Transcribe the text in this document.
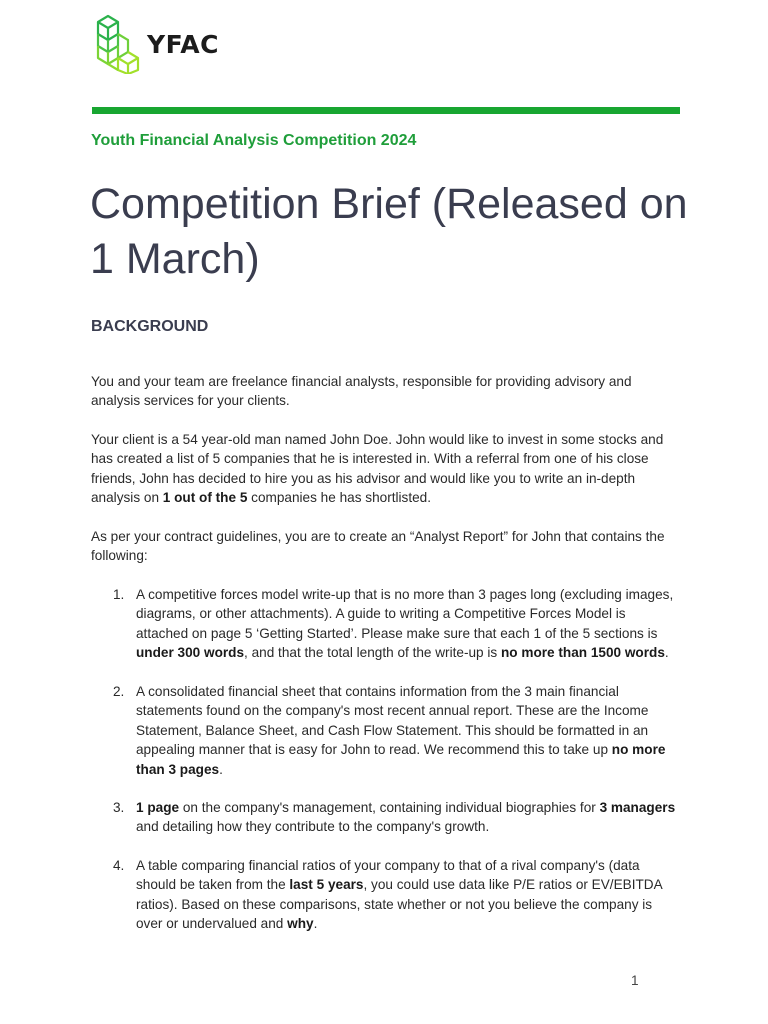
YFAC
Youth Financial Analysis Competition 2024
Competition Brief (Released on 1 March)
BACKGROUND

You and your team are freelance financial analysts, responsible for providing advisory and analysis services for your clients.

Your client is a 54 year-old man named John Doe. John would like to invest in some stocks and has created a list of 5 companies that he is interested in. With a referral from one of his close friends, John has decided to hire you as his advisor and would like you to write an in-depth analysis on 1 out of the 5 companies he has shortlisted.

As per your contract guidelines, you are to create an “Analyst Report” for John that contains the following:

1. A competitive forces model write-up that is no more than 3 pages long (excluding images, diagrams, or other attachments). A guide to writing a Competitive Forces Model is attached on page 5 ‘Getting Started’. Please make sure that each 1 of the 5 sections is under 300 words, and that the total length of the write-up is no more than 1500 words.
2. A consolidated financial sheet that contains information from the 3 main financial statements found on the company's most recent annual report. These are the Income Statement, Balance Sheet, and Cash Flow Statement. This should be formatted in an appealing manner that is easy for John to read. We recommend this to take up no more than 3 pages.
3. 1 page on the company's management, containing individual biographies for 3 managers and detailing how they contribute to the company's growth.
4. A table comparing financial ratios of your company to that of a rival company's (data should be taken from the last 5 years, you could use data like P/E ratios or EV/EBITDA ratios). Based on these comparisons, state whether or not you believe the company is over or undervalued and why.
1
